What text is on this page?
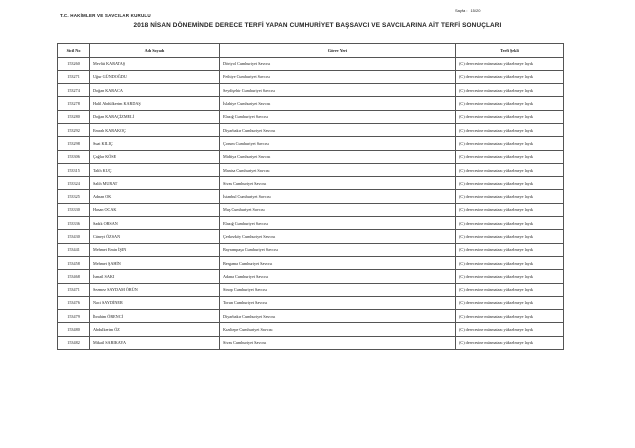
T.C. HAKİMLER VE SAVCILAR KURULU
Sayfa : 15/20
2018 NİSAN DÖNEMİNDE DERECE TERFİ YAPAN CUMHURİYET BAŞSAVCI VE SAVCILARINA AİT TERFİ SONUÇLARI
Sicil No	Adı Soyadı	Görev Yeri	Terfi Şekli
153260	Mevlüt KARATAŞ	Dörtyol Cumhuriyet Savcısı	(C) derecesine müsmatazı yükselmeye layık
153271	Uğur GÜNDOĞDU	Fethiye Cumhuriyet Savcısı	(C) derecesine müsmatazı yükselmeye layık
153274	Doğan KARACA	Seydişehir Cumhuriyet Savcısı	(C) derecesine müsmatazı yükselmeye layık
153278	Halil Abdülkerim KARDAŞ	İslahiye Cumhuriyet Savcısı	(C) derecesine müsmatazı yükselmeye layık
153280	Doğan KARAÇİZMELİ	Elazığ Cumhuriyet Savcısı	(C) derecesine müsmatazı yükselmeye layık
153292	Emrah KARAKOÇ	Diyarbakır Cumhuriyet Savcısı	(C) derecesine müsmatazı yükselmeye layık
153298	Suat KILIÇ	Çorum Cumhuriyet Savcısı	(C) derecesine müsmatazı yükselmeye layık
153306	Çağlar KÖSE	Midtiya Cumhuriyet Savcısı	(C) derecesine müsmatazı yükselmeye layık
153315	Talih KUÇ	Manisa Cumhuriyet Savcısı	(C) derecesine müsmatazı yükselmeye layık
153324	Salih MURAT	Sivas Cumhuriyet Savcısı	(C) derecesine müsmatazı yükselmeye layık
153325	Adnan OK	İstanbul Cumhuriyet Savcısı	(C) derecesine müsmatazı yükselmeye layık
153330	Hasan OCAK	Muş Cumhuriyet Savcısı	(C) derecesine müsmatazı yükselmeye layık
153336	Sadık ORSAN	Elazığ Cumhuriyet Savcısı	(C) derecesine müsmatazı yükselmeye layık
153430	Cüneyt ÖZSAN	Çerkezköy Cumhuriyet Savcısı	(C) derecesine müsmatazı yükselmeye layık
153441	Mehmet Emin İŞIN	Bayrampaşa Cumhuriyet Savcısı	(C) derecesine müsmatazı yükselmeye layık
153458	Mehmet ŞAHİN	Bergama Cumhuriyet Savcısı	(C) derecesine müsmatazı yükselmeye layık
153468	İsmail SAKI	Adana Cumhuriyet Savcısı	(C) derecesine müsmatazı yükselmeye layık
153471	Sezmez SAYDAM ÖRÜN	Sinop Cumhuriyet Savcısı	(C) derecesine müsmatazı yükselmeye layık
153476	Naci SAYDİNER	Torun Cumhuriyet Savcısı	(C) derecesine müsmatazı yükselmeye layık
153479	İbrahim ÖRENCİ	Diyarbakır Cumhuriyet Savcısı	(C) derecesine müsmatazı yükselmeye layık
153480	Abdulkerim ÖZ	Kızıltepe Cumhuriyet Savcısı	(C) derecesine müsmatazı yükselmeye layık
153482	Mikail SARIKAYA	Sivas Cumhuriyet Savcısı	(C) derecesine müsmatazı yükselmeye layık
